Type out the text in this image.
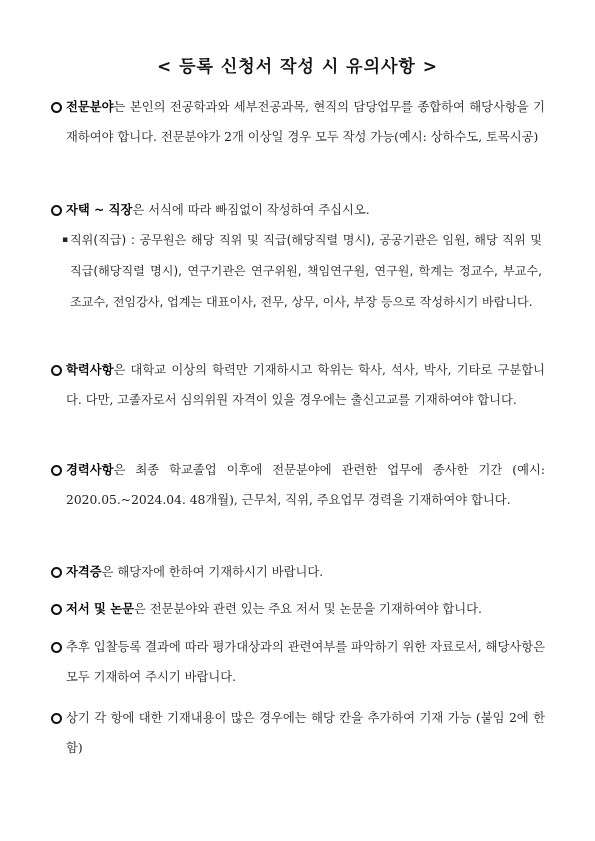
< 등록 신청서 작성 시 유의사항 >
전문분야는 본인의 전공학과와 세부전공과목, 현직의 담당업무를 종합하여 해당사항을 기재하여야 합니다. 전문분야가 2개 이상일 경우 모두 작성 가능(예시: 상하수도, 토목시공)
자택 ~ 직장은 서식에 따라 빠짐없이 작성하여 주십시오.
▪ 직위(직급) : 공무원은 해당 직위 및 직급(해당직렬 명시), 공공기관은 임원, 해당 직위 및 직급(해당직렬 명시), 연구기관은 연구위원, 책임연구원, 연구원, 학계는 정교수, 부교수, 조교수, 전임강사, 업계는 대표이사, 전무, 상무, 이사, 부장 등으로 작성하시기 바랍니다.
학력사항은 대학교 이상의 학력만 기재하시고 학위는 학사, 석사, 박사, 기타로 구분합니다. 다만, 고졸자로서 심의위원 자격이 있을 경우에는 출신고교를 기재하여야 합니다.
경력사항은 최종 학교졸업 이후에 전문분야에 관련한 업무에 종사한 기간 (예시: 2020.05.~2024.04. 48개월), 근무처, 직위, 주요업무 경력을 기재하여야 합니다.
자격증은 해당자에 한하여 기재하시기 바랍니다.
저서 및 논문은 전문분야와 관련 있는 주요 저서 및 논문을 기재하여야 합니다.
추후 입찰등록 결과에 따라 평가대상과의 관련여부를 파악하기 위한 자료로서, 해당사항은 모두 기재하여 주시기 바랍니다.
상기 각 항에 대한 기재내용이 많은 경우에는 해당 칸을 추가하여 기재 가능 (붙임 2에 한함)
